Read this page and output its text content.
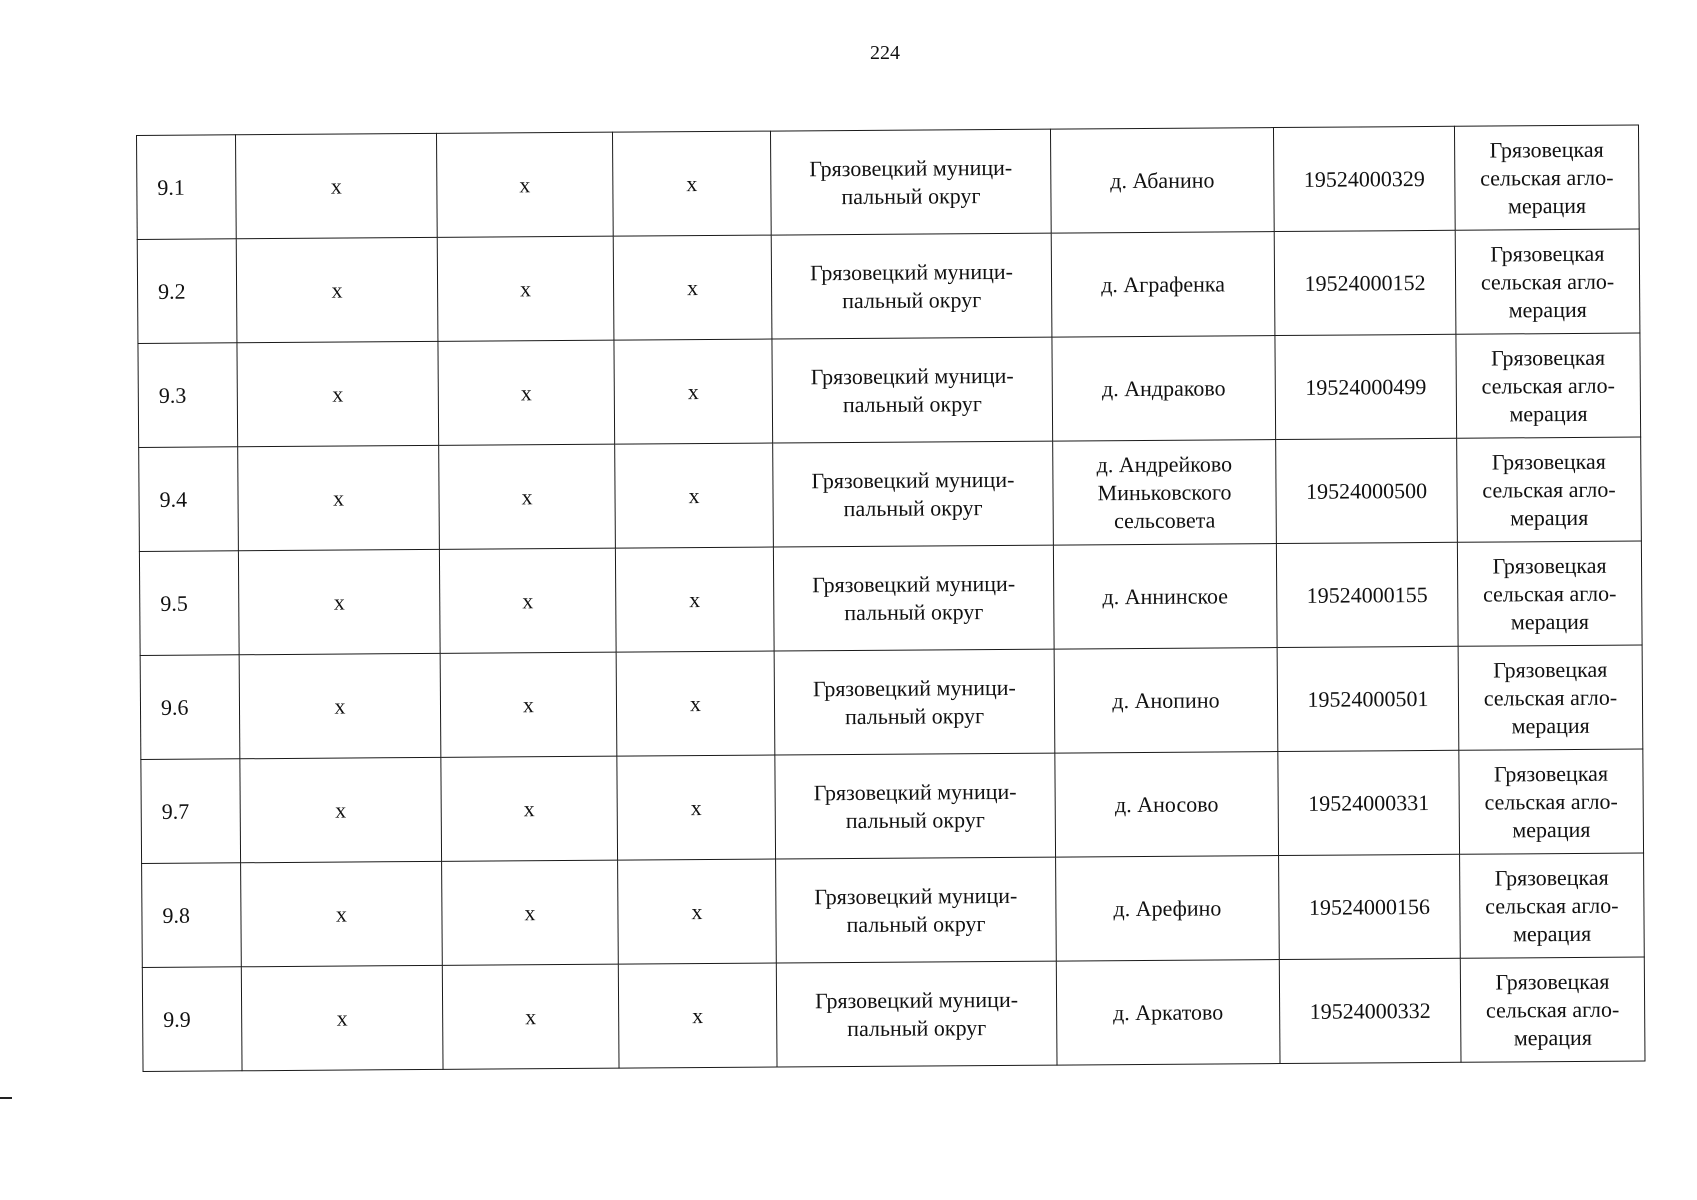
224
9.1	х	х	х	Грязовецкий муници-пальный округ	д. Абанино	19524000329	Грязовецкая сельская агло-мерация
9.2	х	х	х	Грязовецкий муници-пальный округ	д. Аграфенка	19524000152	Грязовецкая сельская агло-мерация
9.3	х	х	х	Грязовецкий муници-пальный округ	д. Андраково	19524000499	Грязовецкая сельская агло-мерация
9.4	х	х	х	Грязовецкий муници-пальный округ	д. Андрейково Миньковского сельсовета	19524000500	Грязовецкая сельская агло-мерация
9.5	х	х	х	Грязовецкий муници-пальный округ	д. Аннинское	19524000155	Грязовецкая сельская агло-мерация
9.6	х	х	х	Грязовецкий муници-пальный округ	д. Анопино	19524000501	Грязовецкая сельская агло-мерация
9.7	х	х	х	Грязовецкий муници-пальный округ	д. Аносово	19524000331	Грязовецкая сельская агло-мерация
9.8	х	х	х	Грязовецкий муници-пальный округ	д. Арефино	19524000156	Грязовецкая сельская агло-мерация
9.9	х	х	х	Грязовецкий муници-пальный округ	д. Аркатово	19524000332	Грязовецкая сельская агло-мерация
